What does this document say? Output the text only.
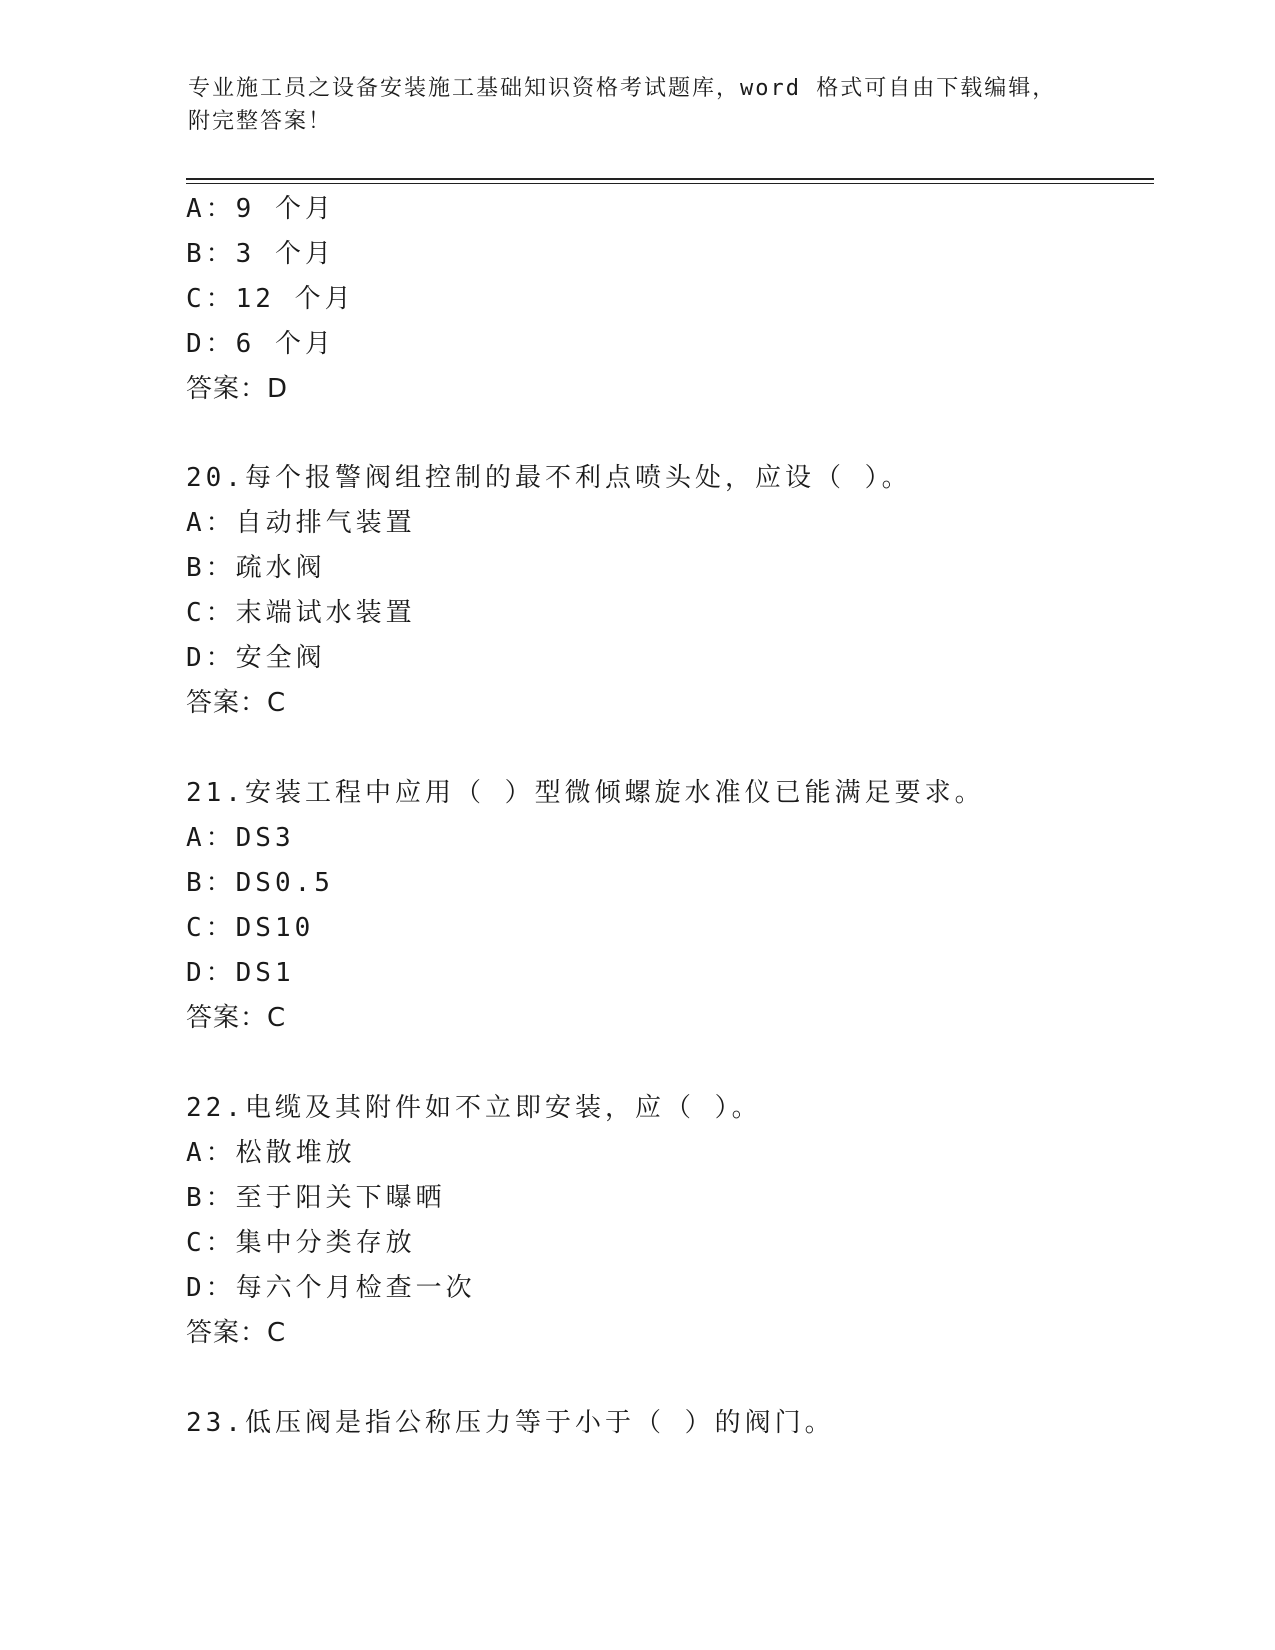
专业施工员之设备安装施工基础知识资格考试题库，word 格式可自由下载编辑，
附完整答案！
A：9 个月
B：3 个月
C：12 个月
D：6 个月
答案：D
20.每个报警阀组控制的最不利点喷头处，应设（ ）。
A：自动排气装置
B：疏水阀
C：末端试水装置
D：安全阀
答案：C
21.安装工程中应用（ ）型微倾螺旋水准仪已能满足要求。
A：DS3
B：DS0.5
C：DS10
D：DS1
答案：C
22.电缆及其附件如不立即安装，应（ ）。
A：松散堆放
B：至于阳关下曝晒
C：集中分类存放
D：每六个月检查一次
答案：C
23.低压阀是指公称压力等于小于（ ）的阀门。
